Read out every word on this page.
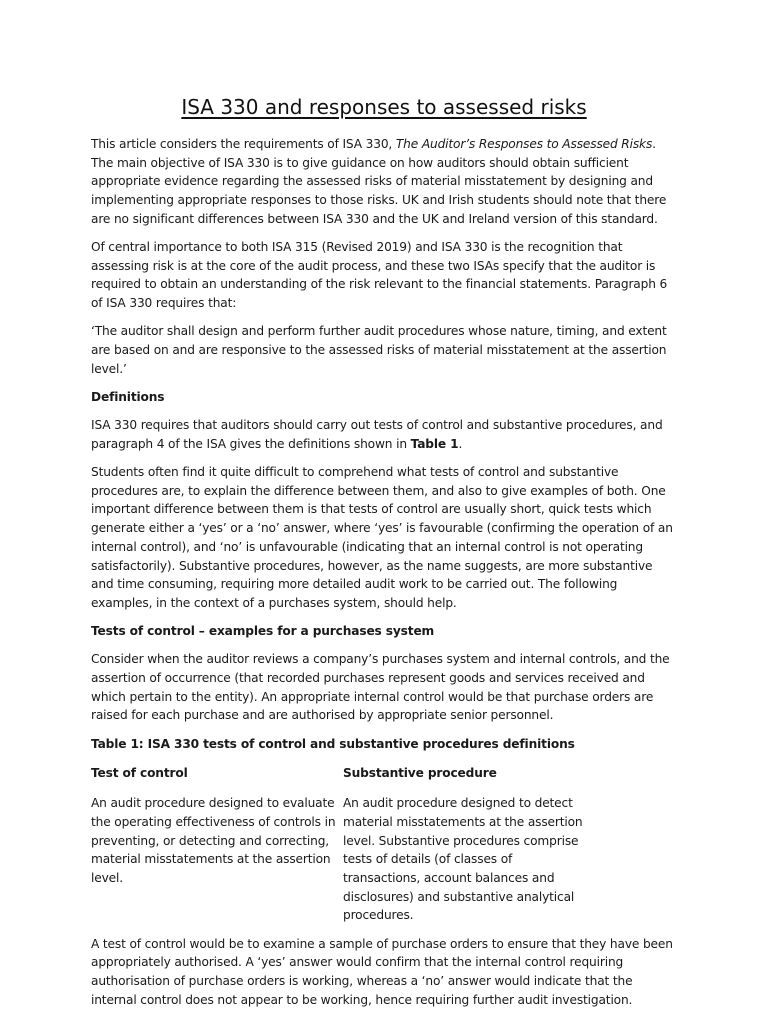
ISA 330 and responses to assessed risks

This article considers the requirements of ISA 330, The Auditor’s Responses to Assessed Risks. The main objective of ISA 330 is to give guidance on how auditors should obtain sufficient appropriate evidence regarding the assessed risks of material misstatement by designing and implementing appropriate responses to those risks. UK and Irish students should note that there are no significant differences between ISA 330 and the UK and Ireland version of this standard.

Of central importance to both ISA 315 (Revised 2019) and ISA 330 is the recognition that assessing risk is at the core of the audit process, and these two ISAs specify that the auditor is required to obtain an understanding of the risk relevant to the financial statements. Paragraph 6 of ISA 330 requires that:

‘The auditor shall design and perform further audit procedures whose nature, timing, and extent are based on and are responsive to the assessed risks of material misstatement at the assertion level.’

Definitions

ISA 330 requires that auditors should carry out tests of control and substantive procedures, and paragraph 4 of the ISA gives the definitions shown in Table 1.

Students often find it quite difficult to comprehend what tests of control and substantive procedures are, to explain the difference between them, and also to give examples of both. One important difference between them is that tests of control are usually short, quick tests which generate either a ‘yes’ or a ‘no’ answer, where ‘yes’ is favourable (confirming the operation of an internal control), and ‘no’ is unfavourable (indicating that an internal control is not operating satisfactorily). Substantive procedures, however, as the name suggests, are more substantive and time consuming, requiring more detailed audit work to be carried out. The following examples, in the context of a purchases system, should help.

Tests of control – examples for a purchases system

Consider when the auditor reviews a company’s purchases system and internal controls, and the assertion of occurrence (that recorded purchases represent goods and services received and which pertain to the entity). An appropriate internal control would be that purchase orders are raised for each purchase and are authorised by appropriate senior personnel.

Table 1: ISA 330 tests of control and substantive procedures definitions

Test of control	Substantive procedure
An audit procedure designed to evaluate the operating effectiveness of controls in preventing, or detecting and correcting, material misstatements at the assertion level.
An audit procedure designed to detect material misstatements at the assertion level. Substantive procedures comprise tests of details (of classes of transactions, account balances and disclosures) and substantive analytical procedures.

A test of control would be to examine a sample of purchase orders to ensure that they have been appropriately authorised. A ‘yes’ answer would confirm that the internal control requiring authorisation of purchase orders is working, whereas a ‘no’ answer would indicate that the internal control does not appear to be working, hence requiring further audit investigation.
